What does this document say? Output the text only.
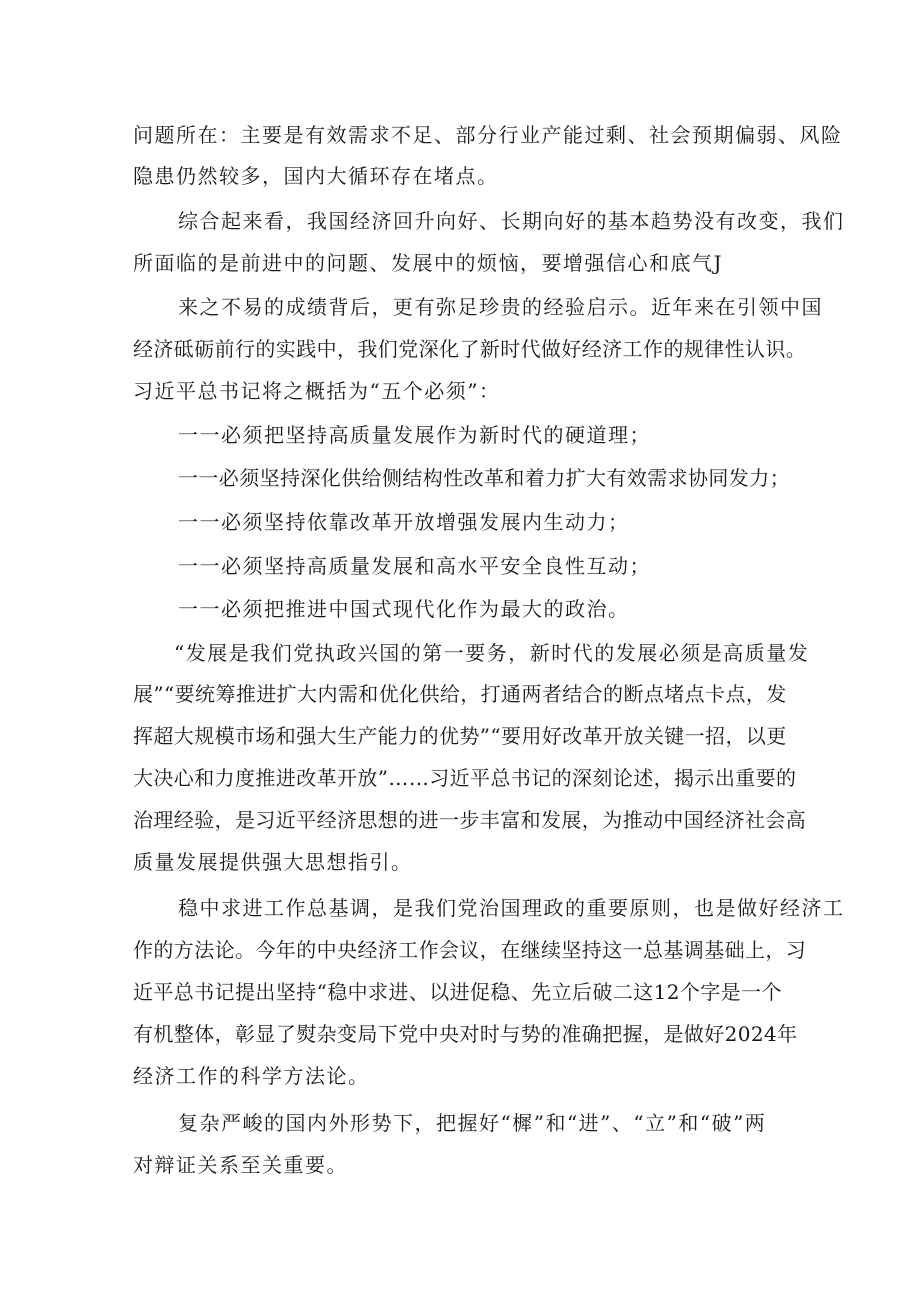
问题所在：主要是有效需求不足、部分行业产能过剩、社会预期偏弱、风险
隐患仍然较多，国内大循环存在堵点。
综合起来看，我国经济回升向好、长期向好的基本趋势没有改变，我们
所面临的是前进中的问题、发展中的烦恼，要增强信心和底气J
来之不易的成绩背后，更有弥足珍贵的经验启示。近年来在引领中国
经济砥砺前行的实践中，我们党深化了新时代做好经济工作的规律性认识。
习近平总书记将之概括为“五个必须”：
一一必须把坚持高质量发展作为新时代的硬道理；
一一必须坚持深化供给侧结构性改革和着力扩大有效需求协同发力；
一一必须坚持依靠改革开放增强发展内生动力；
一一必须坚持高质量发展和高水平安全良性互动；
一一必须把推进中国式现代化作为最大的政治。
“发展是我们党执政兴国的第一要务，新时代的发展必须是高质量发
展”“要统筹推进扩大内需和优化供给，打通两者结合的断点堵点卡点，发
挥超大规模市场和强大生产能力的优势”“要用好改革开放关键一招，以更
大决心和力度推进改革开放”……习近平总书记的深刻论述，揭示出重要的
治理经验，是习近平经济思想的进一步丰富和发展，为推动中国经济社会高
质量发展提供强大思想指引。
稳中求进工作总基调，是我们党治国理政的重要原则，也是做好经济工
作的方法论。今年的中央经济工作会议，在继续坚持这一总基调基础上，习
近平总书记提出坚持“稳中求进、以进促稳、先立后破二这12个字是一个
有机整体，彰显了熨杂变局下党中央对时与势的准确把握，是做好2024年
经济工作的科学方法论。
复杂严峻的国内外形势下，把握好“樨”和“进”、“立”和“破”两
对辩证关系至关重要。
